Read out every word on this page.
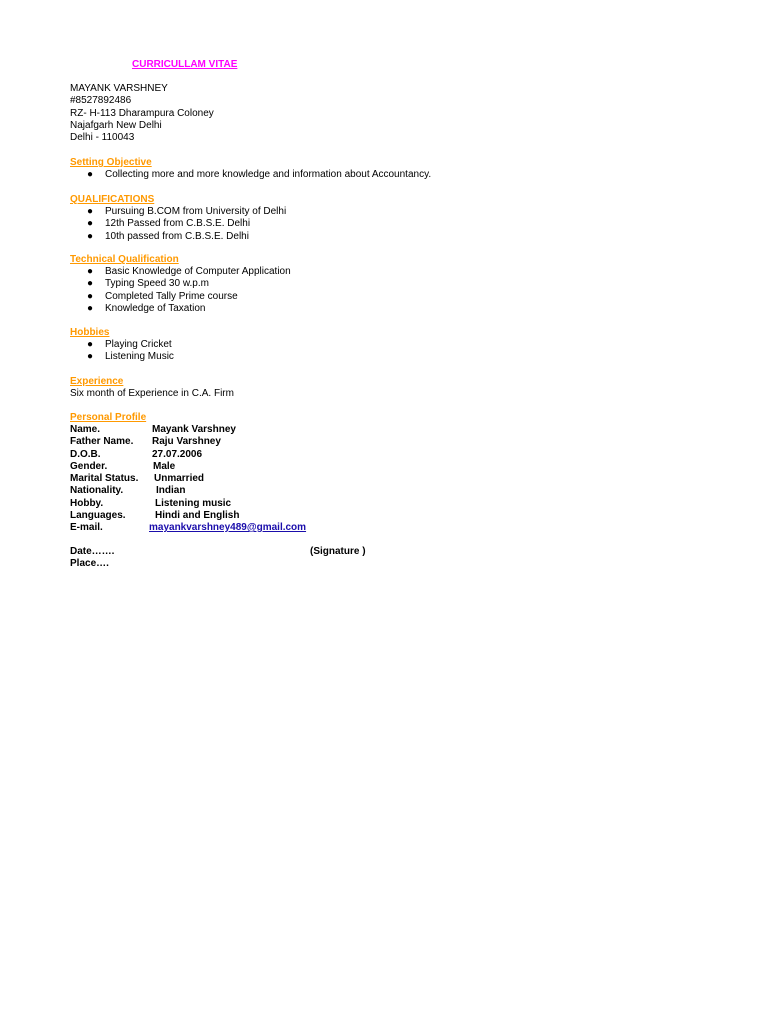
CURRICULLAM VITAE

MAYANK VARSHNEY

#8527892486

RZ- H-113 Dharampura Coloney

Najafgarh New Delhi

Delhi - 110043

Setting Objective

● Collecting more and more knowledge and information about Accountancy.

QUALIFICATIONS

● Pursuing B.COM from University of Delhi
● 12th Passed from C.B.S.E. Delhi
● 10th passed from C.B.S.E. Delhi

Technical Qualification

● Basic Knowledge of Computer Application
● Typing Speed 30 w.p.m
● Completed Tally Prime course
● Knowledge of Taxation

Hobbies

● Playing Cricket
● Listening Music

Experience

Six month of Experience in C.A. Firm

Personal Profile

Name.	Mayank Varshney
Father Name. Raju Varshney
D.O.B.	27.07.2006
Gender.	Male
Marital Status. Unmarried
Nationality.	Indian
Hobby.	Listening music
Languages.	Hindi and English
E-mail.	mayankvarshney489@gmail.com

Date…….	(Signature )

Place….
